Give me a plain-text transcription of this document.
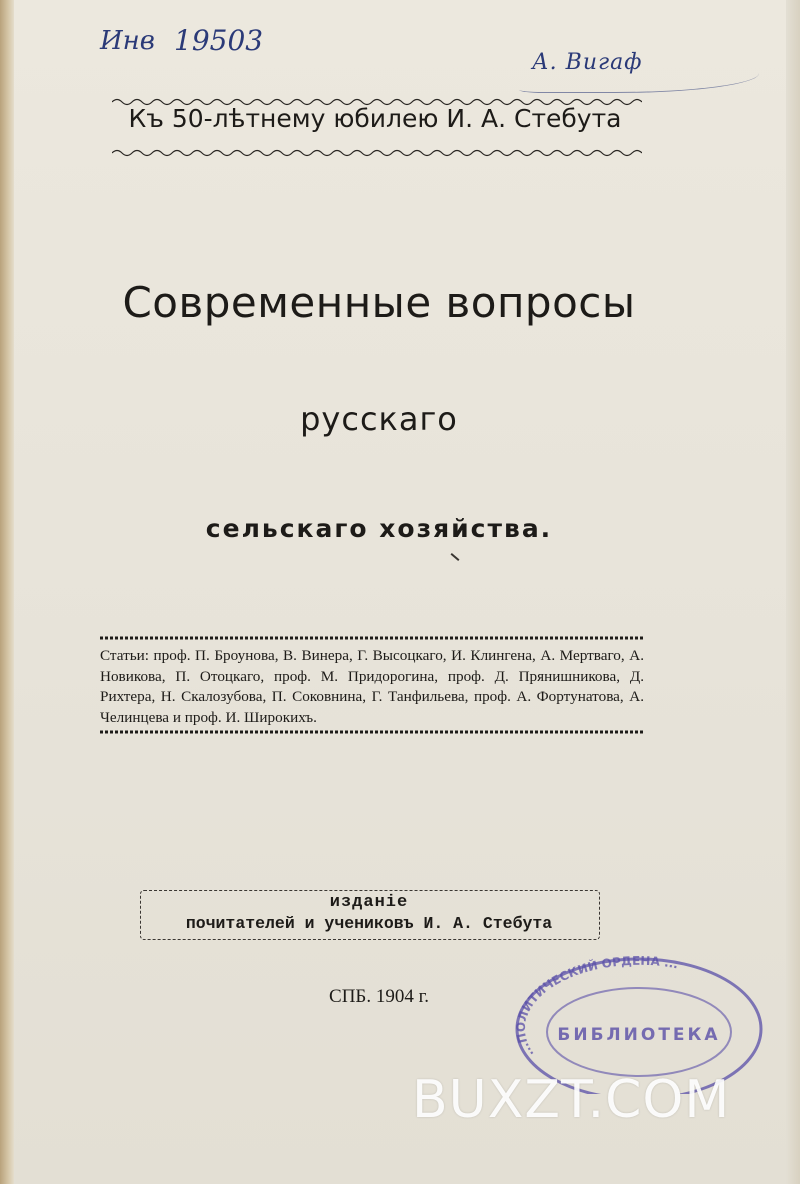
Инв 19503
А. Вигаф
Къ 50-лѣтнему юбилею И. А. Стебута
Современные вопросы
русскаго
сельскаго хозяйства.
Статьи: проф. П. Броунова, В. Винера, Г. Высоцкаго, И. Клингена, А. Мертваго, А. Новикова, П. Отоцкаго, проф. М. Придорогина, проф. Д. Прянишникова, Д. Рихтера, Н. Скалозубова, П. Соковнина, Г. Танфильева, проф. А. Фортунатова, А. Челинцева и проф. И. Широкихъ.
изданіе
почитателей и учениковъ И. А. Стебута
СПБ. 1904 г.
...ПОЛИТИЧЕСКИЙ ОРДЕНА ...
БИБЛИОТЕКА
BUXZT.COM
